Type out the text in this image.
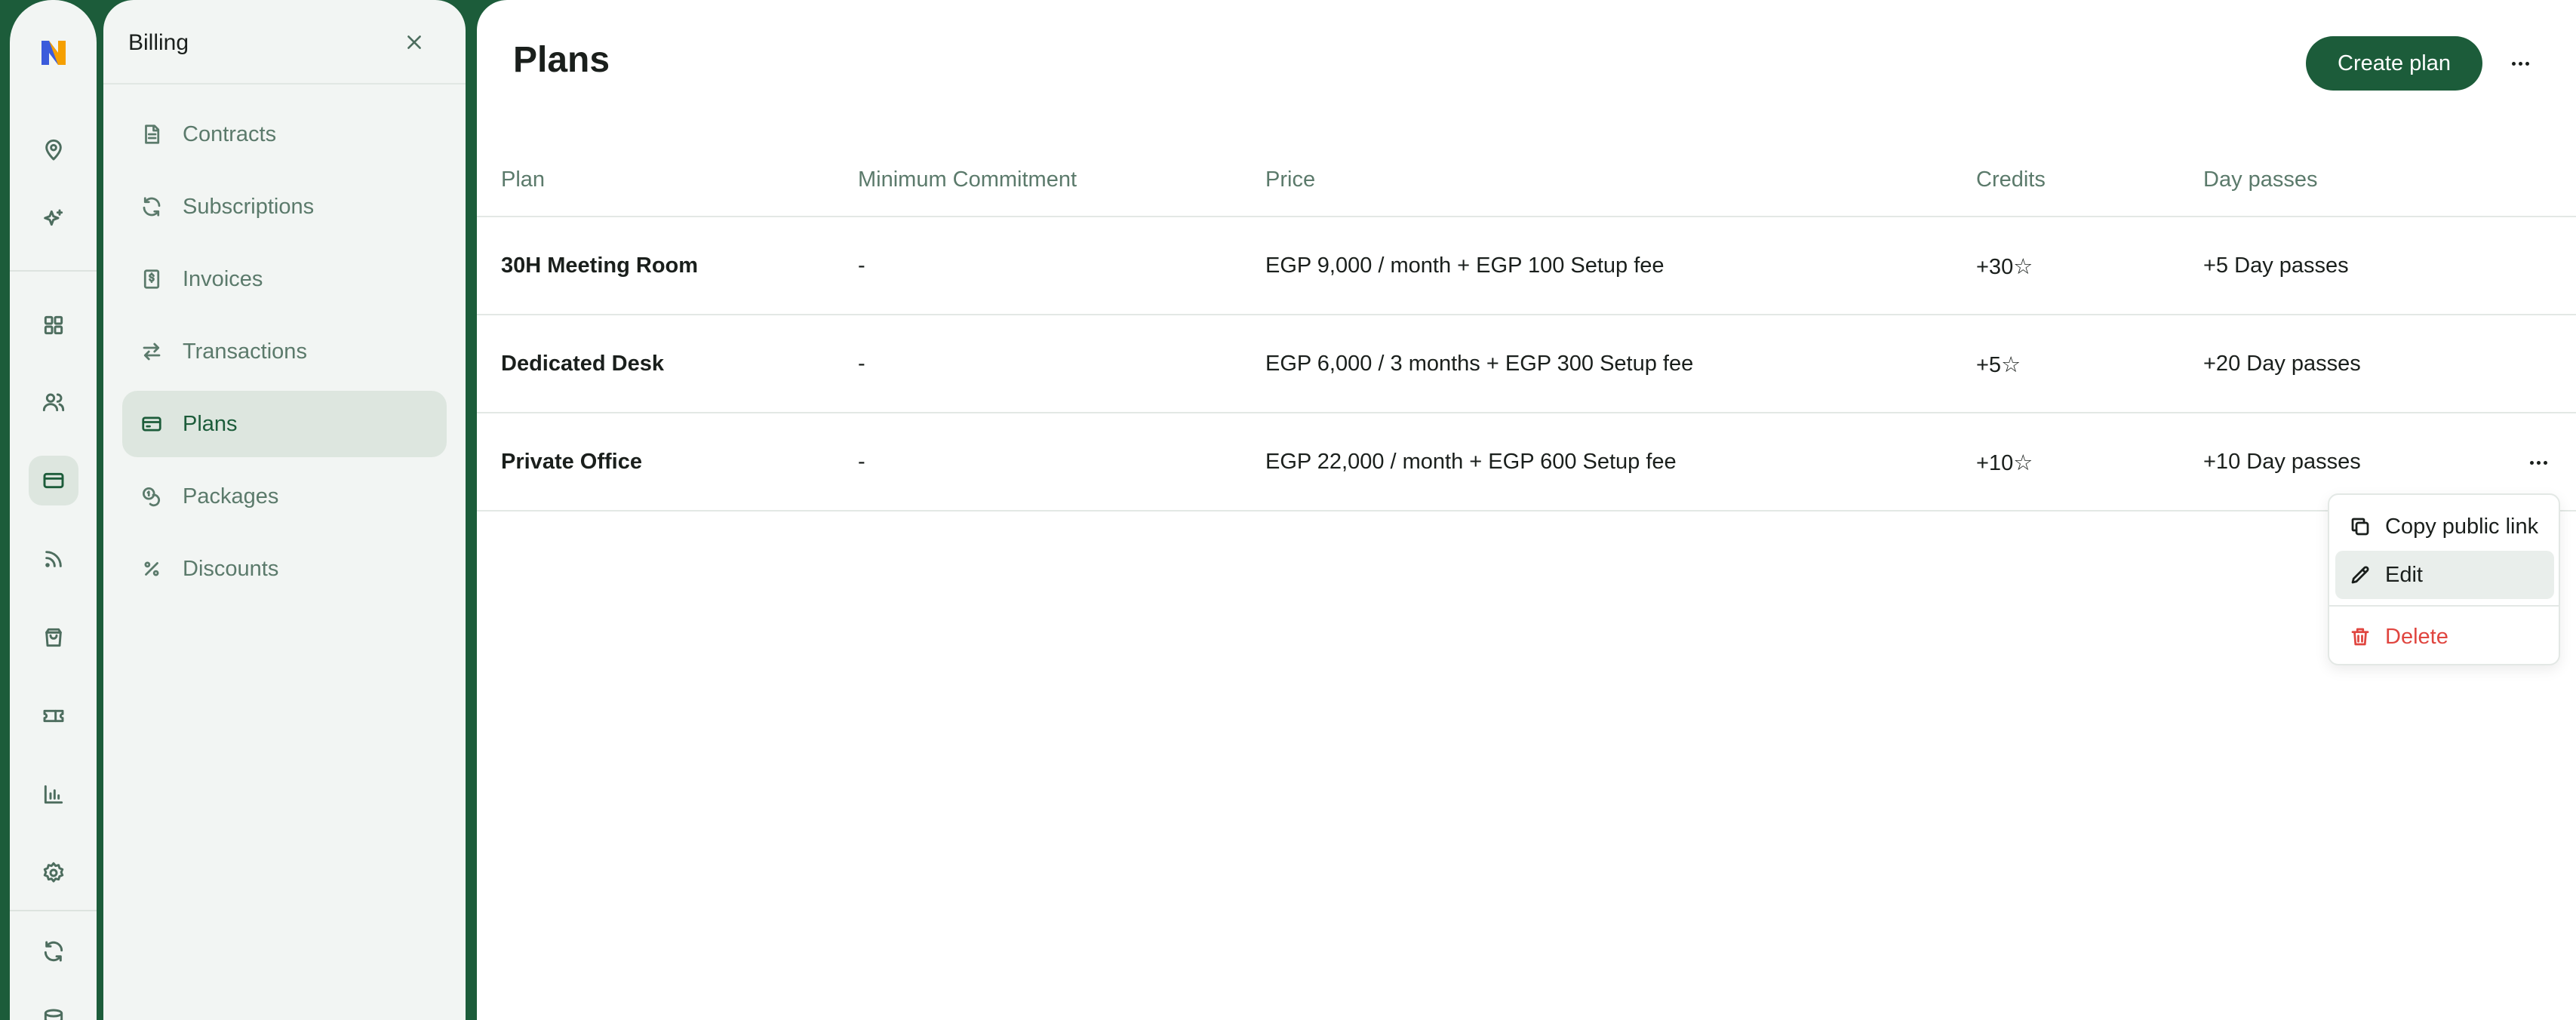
Billing
Contracts
Subscriptions
Invoices
Transactions
Plans
Packages
Discounts
Plans	Create plan
Plan	Minimum Commitment	Price	Credits	Day passes
30H Meeting Room	-	EGP 9,000 / month + EGP 100 Setup fee	+30☆	+5 Day passes
Dedicated Desk	-	EGP 6,000 / 3 months + EGP 300 Setup fee	+5☆	+20 Day passes
Private Office	-	EGP 22,000 / month + EGP 600 Setup fee	+10☆	+10 Day passes
Copy public link
Edit
Delete
